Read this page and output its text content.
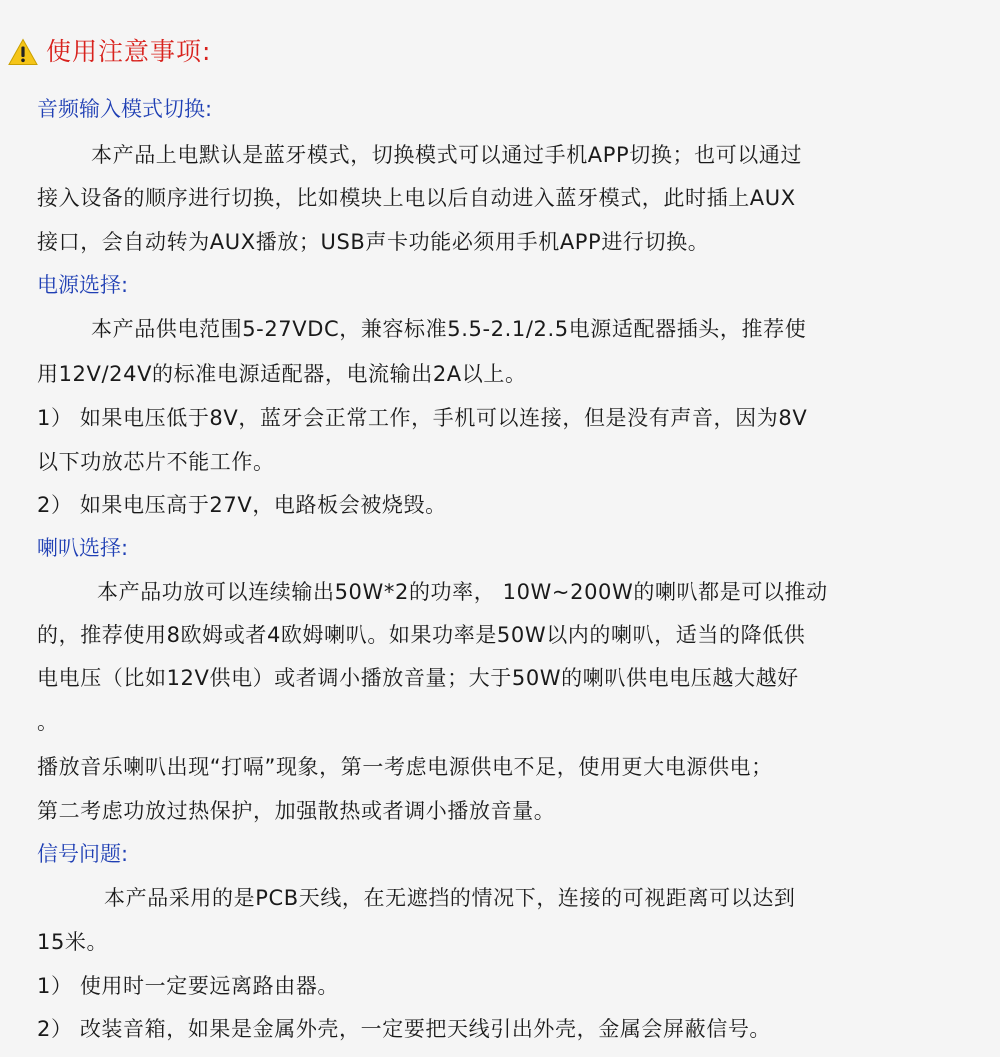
使用注意事项:
音频输入模式切换:
本产品上电默认是蓝牙模式，切换模式可以通过手机APP切换；也可以通过
接入设备的顺序进行切换，比如模块上电以后自动进入蓝牙模式，此时插上AUX
接口，会自动转为AUX播放；USB声卡功能必须用手机APP进行切换。
电源选择:
本产品供电范围5-27VDC，兼容标准5.5-2.1/2.5电源适配器插头，推荐使
用12V/24V的标准电源适配器，电流输出2A以上。
1） 如果电压低于8V，蓝牙会正常工作，手机可以连接，但是没有声音，因为8V
以下功放芯片不能工作。
2） 如果电压高于27V，电路板会被烧毁。
喇叭选择:
本产品功放可以连续输出50W*2的功率， 10W~200W的喇叭都是可以推动
的，推荐使用8欧姆或者4欧姆喇叭。如果功率是50W以内的喇叭，适当的降低供
电电压（比如12V供电）或者调小播放音量；大于50W的喇叭供电电压越大越好
。
播放音乐喇叭出现“打嗝”现象，第一考虑电源供电不足，使用更大电源供电；
第二考虑功放过热保护，加强散热或者调小播放音量。
信号问题:
本产品采用的是PCB天线，在无遮挡的情况下，连接的可视距离可以达到
15米。
1） 使用时一定要远离路由器。
2） 改装音箱，如果是金属外壳，一定要把天线引出外壳，金属会屏蔽信号。
